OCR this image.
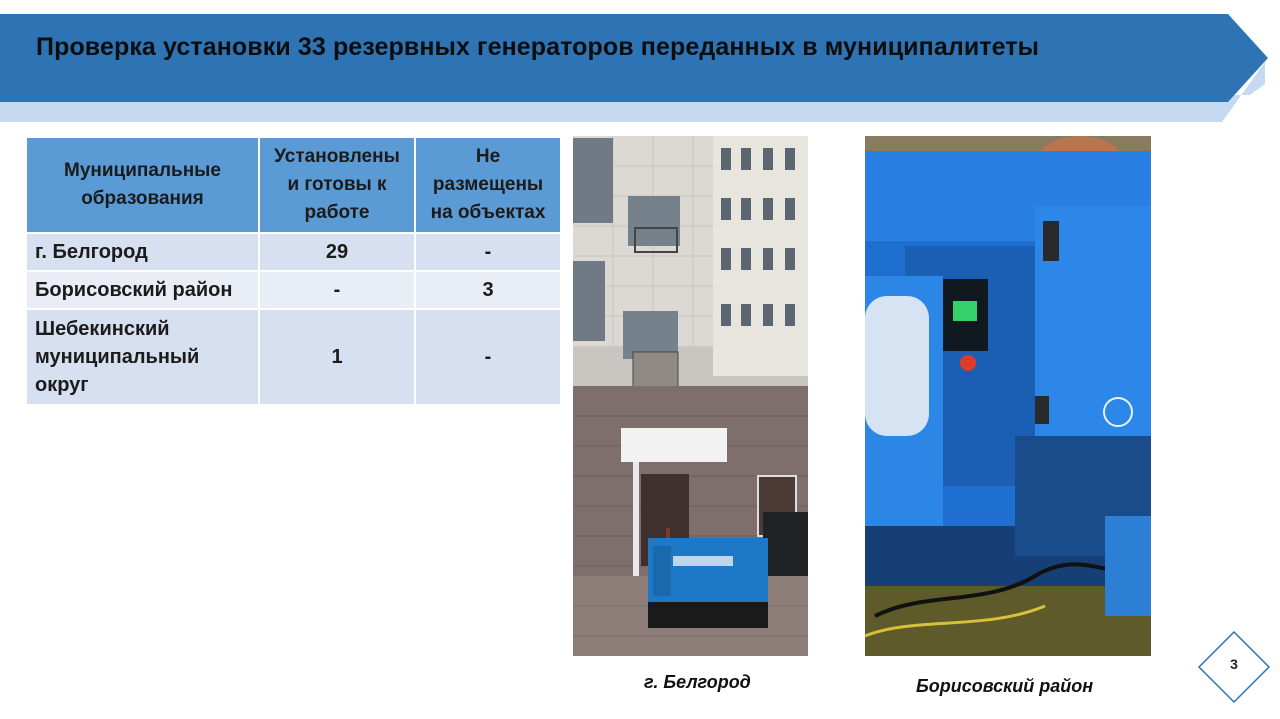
Проверка установки 33 резервных генераторов переданных в муниципалитеты
Муниципальные образования	Установлены и готовы к работе	Не размещены на объектах
г. Белгород	29	-
Борисовский район	-	3
Шебекинский муниципальный округ	1	-
г. Белгород	Борисовский район
3
